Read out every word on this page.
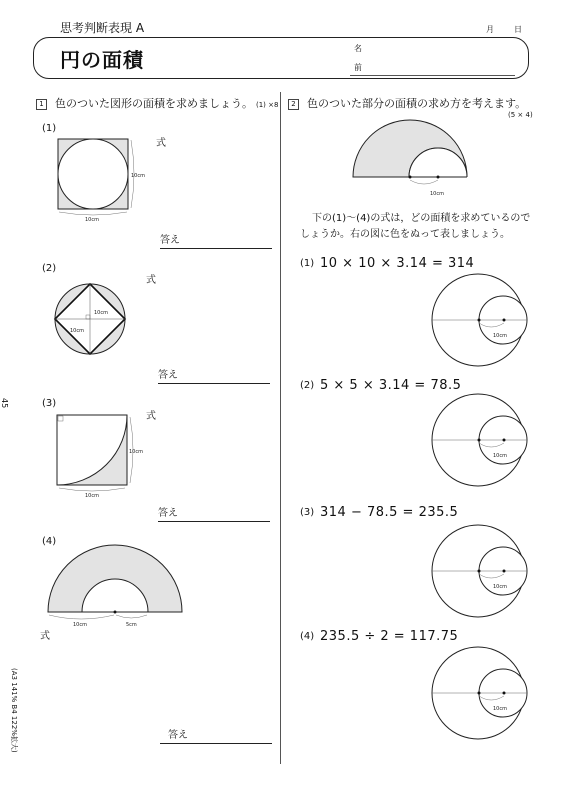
思考判断表現 A	月	日
円の面積	名
前
45
(A3 141% B4 122%拡大)
1 色のついた図形の面積を求めましょう。 (1) ×8
(1)
式
10cm
10cm
答え
(2)
式
10cm
10cm
答え
(3)
式
10cm
10cm
答え
(4)
10cm	5cm
式
答え
2 色のついた部分の面積の求め方を考えます。
(5 × 4)
10cm
下の(1)～(4)の式は，どの面積を求めているので
しょうか。右の図に色をぬって表しましょう。
(1) 10 × 10 × 3.14 = 314
10cm
(2) 5 × 5 × 3.14 = 78.5
10cm
(3) 314 − 78.5 = 235.5
10cm
(4) 235.5 ÷ 2 = 117.75
10cm
